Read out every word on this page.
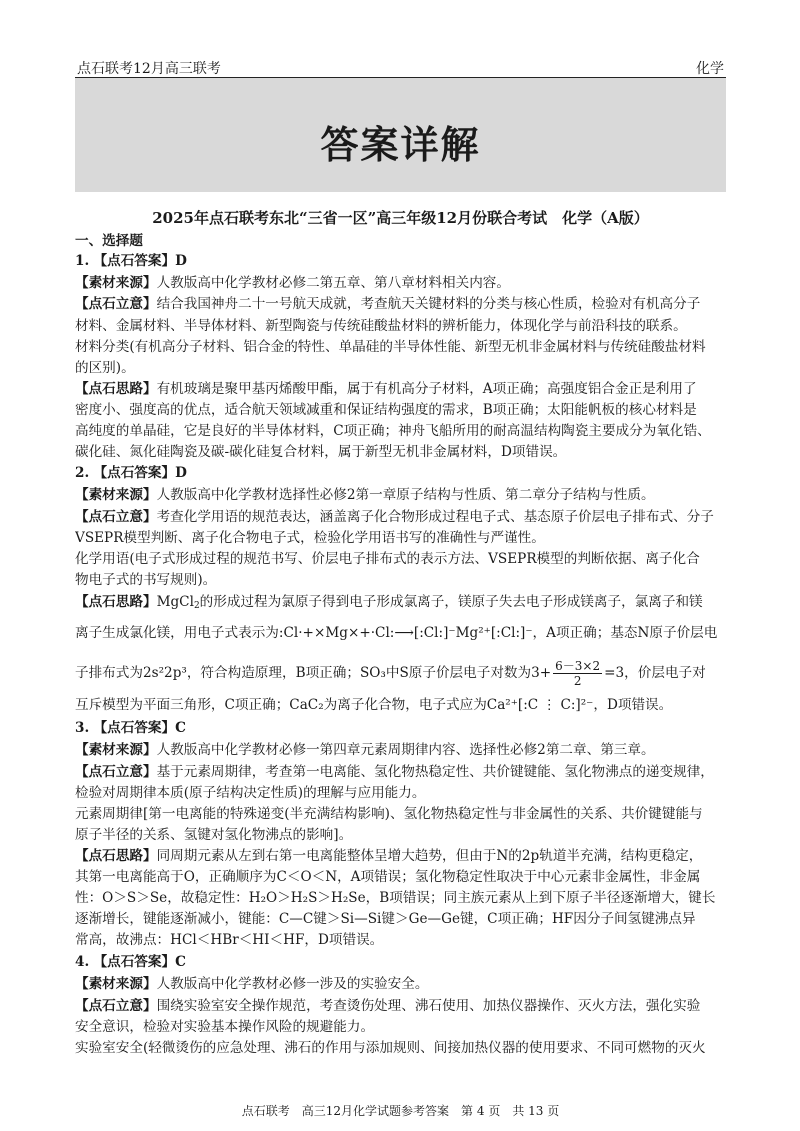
点石联考12月高三联考	化学
答案详解
2025年点石联考东北“三省一区”高三年级12月份联合考试　化学（A版）
一、选择题
1. 【点石答案】D
【素材来源】人教版高中化学教材必修二第五章、第八章材料相关内容。
【点石立意】结合我国神舟二十一号航天成就，考查航天关键材料的分类与核心性质，检验对有机高分子
材料、金属材料、半导体材料、新型陶瓷与传统硅酸盐材料的辨析能力，体现化学与前沿科技的联系。
材料分类(有机高分子材料、铝合金的特性、单晶硅的半导体性能、新型无机非金属材料与传统硅酸盐材料
的区别)。
【点石思路】有机玻璃是聚甲基丙烯酸甲酯，属于有机高分子材料，A项正确；高强度铝合金正是利用了
密度小、强度高的优点，适合航天领域减重和保证结构强度的需求，B项正确；太阳能帆板的核心材料是
高纯度的单晶硅，它是良好的半导体材料，C项正确；神舟飞船所用的耐高温结构陶瓷主要成分为氧化锆、
碳化硅、氮化硅陶瓷及碳-碳化硅复合材料，属于新型无机非金属材料，D项错误。
2. 【点石答案】D
【素材来源】人教版高中化学教材选择性必修2第一章原子结构与性质、第二章分子结构与性质。
【点石立意】考查化学用语的规范表达，涵盖离子化合物形成过程电子式、基态原子价层电子排布式、分子
VSEPR模型判断、离子化合物电子式，检验化学用语书写的准确性与严谨性。
化学用语(电子式形成过程的规范书写、价层电子排布式的表示方法、VSEPR模型的判断依据、离子化合
物电子式的书写规则)。
【点石思路】MgCl$_2$的形成过程为氯原子得到电子形成氯离子，镁原子失去电子形成镁离子，氯离子和镁
离子生成氯化镁，用电子式表示为:Cl·+×Mg×+·Cl:⟶[:Cl:]⁻Mg²⁺[:Cl:]⁻，A项正确；基态N原子价层电
子排布式为2s²2p³，符合构造原理，B项正确；SO₃中S原子价层电子对数为$3+ \frac{6-3\times 2}{2} =3$，价层电子对
互斥模型为平面三角形，C项正确；CaC₂为离子化合物，电子式应为Ca²⁺[:C ⋮ C:]²⁻，D项错误。
3. 【点石答案】C
【素材来源】人教版高中化学教材必修一第四章元素周期律内容、选择性必修2第二章、第三章。
【点石立意】基于元素周期律，考查第一电离能、氢化物热稳定性、共价键键能、氢化物沸点的递变规律，
检验对周期律本质(原子结构决定性质)的理解与应用能力。
元素周期律[第一电离能的特殊递变(半充满结构影响)、氢化物热稳定性与非金属性的关系、共价键键能与
原子半径的关系、氢键对氢化物沸点的影响]。
【点石思路】同周期元素从左到右第一电离能整体呈增大趋势，但由于N的2p轨道半充满，结构更稳定，
其第一电离能高于O，正确顺序为C＜O＜N，A项错误；氢化物稳定性取决于中心元素非金属性，非金属
性：O＞S＞Se，故稳定性：H₂O＞H₂S＞H₂Se，B项错误；同主族元素从上到下原子半径逐渐增大，键长
逐渐增长，键能逐渐减小，键能：C—C键＞Si—Si键＞Ge—Ge键，C项正确；HF因分子间氢键沸点异
常高，故沸点：HCl＜HBr＜HI＜HF，D项错误。
4. 【点石答案】C
【素材来源】人教版高中化学教材必修一涉及的实验安全。
【点石立意】围绕实验室安全操作规范，考查烫伤处理、沸石使用、加热仪器操作、灭火方法，强化实验
安全意识，检验对实验基本操作风险的规避能力。
实验室安全(轻微烫伤的应急处理、沸石的作用与添加规则、间接加热仪器的使用要求、不同可燃物的灭火
点石联考　高三12月化学试题参考答案　第 4 页　共 13 页
